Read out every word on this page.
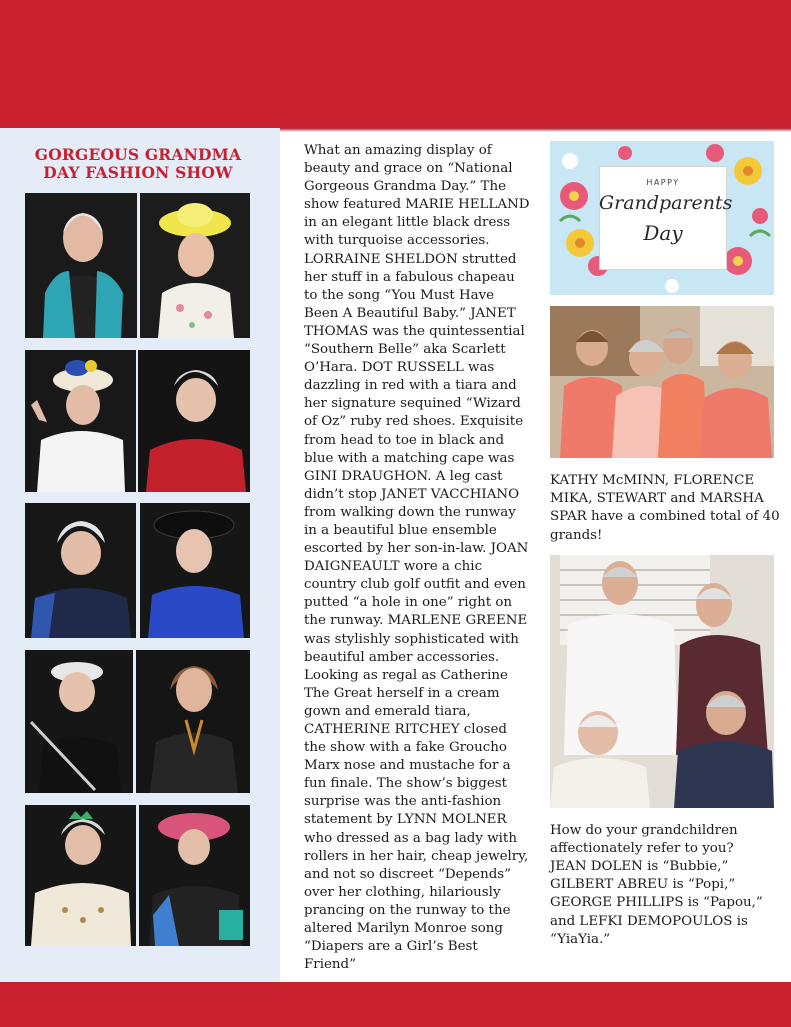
GORGEOUS GRANDMA DAY FASHION SHOW
What an amazing display of beauty and grace on “National Gorgeous Grandma Day.” The show featured MARIE HELLAND in an elegant little black dress with turquoise accessories. LORRAINE SHELDON strutted her stuff in a fabulous chapeau to the song “You Must Have Been A Beautiful Baby.” JANET THOMAS was the quintessential “Southern Belle” aka Scarlett O’Hara. DOT RUSSELL was dazzling in red with a tiara and her signature sequined “Wizard of Oz” ruby red shoes. Exquisite from head to toe in black and blue with a matching cape was GINI DRAUGHON. A leg cast didn’t stop JANET VACCHIANO from walking down the runway in a beautiful blue ensemble escorted by her son-in-law. JOAN DAIGNEAULT wore a chic country club golf outfit and even putted “a hole in one” right on the runway. MARLENE GREENE was stylishly sophisticated with beautiful amber accessories. Looking as regal as Catherine The Great herself in a cream gown and emerald tiara, CATHERINE RITCHEY closed the show with a fake Groucho Marx nose and mustache for a fun finale. The show’s biggest surprise was the anti-fashion statement by LYNN MOLNER who dressed as a bag lady with rollers in her hair, cheap jewelry, and not so discreet “Depends” over her clothing, hilariously prancing on the runway to the altered Marilyn Monroe song “Diapers are a Girl’s Best Friend”
HAPPY
Grandparents
Day
KATHY McMINN, FLORENCE MIKA, STEWART and MARSHA SPAR have a combined total of 40 grands!
How do your grandchildren affectionately refer to you?
JEAN DOLEN is “Bubbie,” GILBERT ABREU is “Popi,” GEORGE PHILLIPS is “Papou,” and LEFKI DEMOPOULOS is “YiaYia.”
